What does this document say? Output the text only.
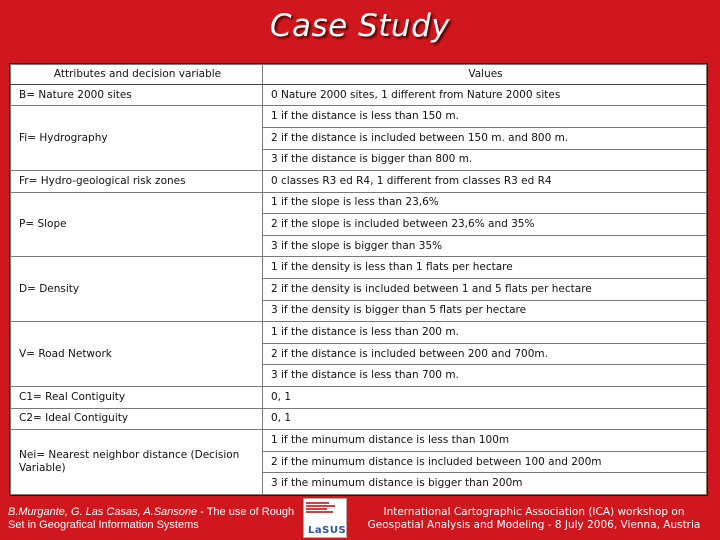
Case Study
Attributes and decision variable	Values
B= Nature 2000 sites	0 Nature 2000 sites, 1 different from Nature 2000 sites
Fi= Hydrography	1 if the distance is less than 150 m.
	2 if the distance is included between 150 m. and 800 m.
	3 if the distance is bigger than 800 m.
Fr= Hydro-geological risk zones	0 classes R3 ed R4, 1 different from classes R3 ed R4
P= Slope	1 if the slope is less than 23,6%
	2 if the slope is included between 23,6% and 35%
	3 if the slope is bigger than 35%
D= Density	1 if the density is less than 1 flats per hectare
	2 if the density is included between 1 and 5 flats per hectare
	3 if the density is bigger than 5 flats per hectare
V= Road Network	1 if the distance is less than 200 m.
	2 if the distance is included between 200 and 700m.
	3 if the distance is less than 700 m.
C1= Real Contiguity	0, 1
C2= Ideal Contiguity	0, 1
Nei= Nearest neighbor distance (Decision Variable)	1 if the minumum distance is less than 100m
	2 if the minumum distance is included between 100 and 200m
	3 if the minumum distance is bigger than 200m
B.Murgante, G. Las Casas, A.Sansone - The use of Rough Set in Geografical Information Systems	LaSUS
International Cartographic Association (ICA) workshop on
Geospatial Analysis and Modeling - 8 July 2006, Vienna, Austria
